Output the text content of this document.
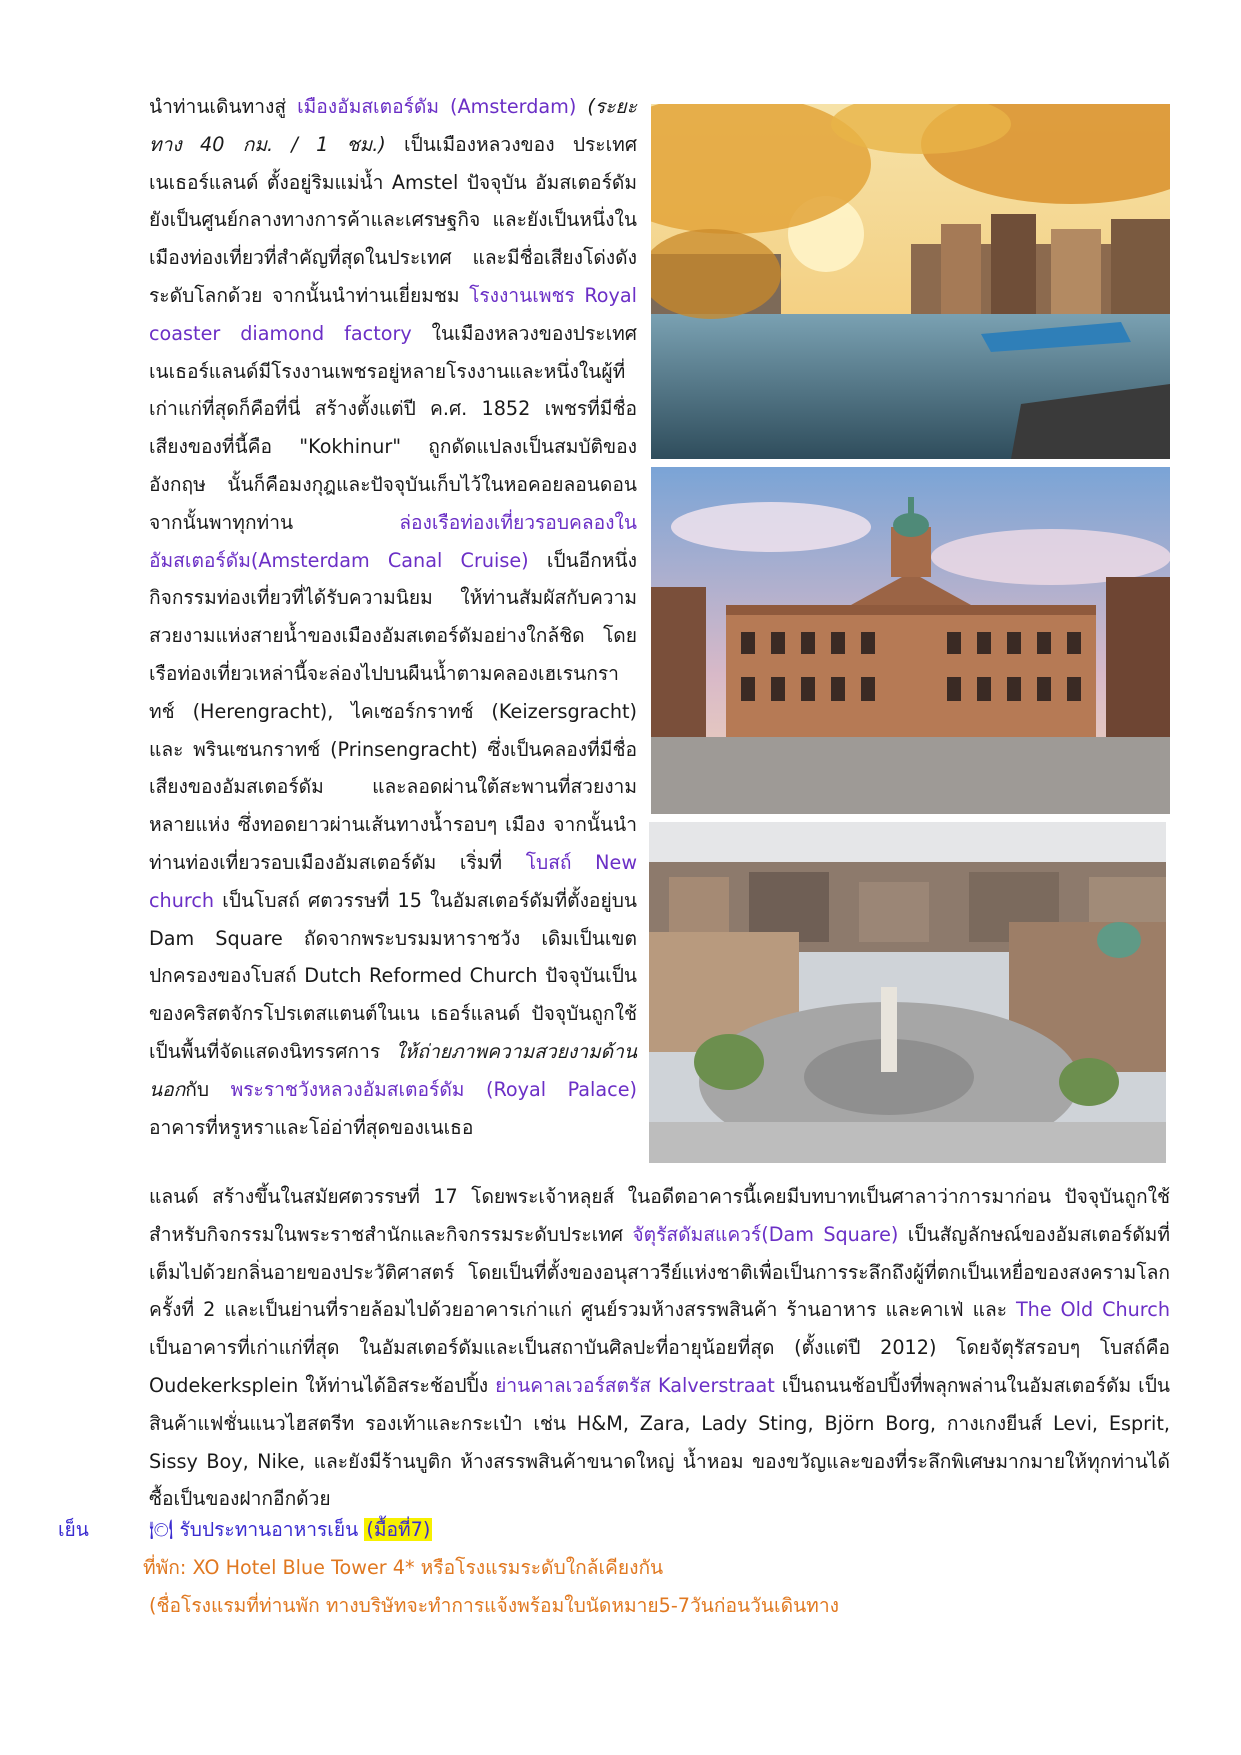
นำท่านเดินทางสู่ เมืองอัมสเตอร์ดัม (Amsterdam) (ระยะทาง 40 กม. / 1 ชม.) เป็นเมืองหลวงของ ประเทศเนเธอร์แลนด์ ตั้งอยู่ริมแม่น้ำ Amstel ปัจจุบัน อัมสเตอร์ดัมยังเป็นศูนย์กลางทางการค้าและเศรษฐกิจ และยังเป็นหนึ่งในเมืองท่องเที่ยวที่สำคัญที่สุดในประเทศ และมีชื่อเสียงโด่งดังระดับโลกด้วย จากนั้นนำท่านเยี่ยมชม โรงงานเพชร Royal coaster diamond factory ในเมืองหลวงของประเทศเนเธอร์แลนด์มีโรงงานเพชรอยู่หลายโรงงานและหนึ่งในผู้ที่เก่าแก่ที่สุดก็คือที่นี่ สร้างตั้งแต่ปี ค.ศ. 1852 เพชรที่มีชื่อเสียงของที่นี้คือ "Kokhinur" ถูกดัดแปลงเป็นสมบัติของอังกฤษ นั้นก็คือมงกุฎและปัจจุบันเก็บไว้ในหอคอยลอนดอน จากนั้นพาทุกท่าน ล่องเรือท่องเที่ยวรอบคลองในอัมสเตอร์ดัม(Amsterdam Canal Cruise) เป็นอีกหนึ่งกิจกรรมท่องเที่ยวที่ได้รับความนิยม ให้ท่านสัมผัสกับความสวยงามแห่งสายน้ำของเมืองอัมสเตอร์ดัมอย่างใกล้ชิด โดยเรือท่องเที่ยวเหล่านี้จะล่องไปบนผืนน้ำตามคลองเฮเรนกราทช์ (Herengracht), ไคเซอร์กราทช์ (Keizersgracht) และ พรินเซนกราทช์ (Prinsengracht) ซึ่งเป็นคลองที่มีชื่อเสียงของอัมสเตอร์ดัม และลอดผ่านใต้สะพานที่สวยงามหลายแห่ง ซึ่งทอดยาวผ่านเส้นทางน้ำรอบๆ เมือง จากนั้นนำท่านท่องเที่ยวรอบเมืองอัมสเตอร์ดัม เริ่มที่ โบสถ์ New church เป็นโบสถ์ ศตวรรษที่ 15 ในอัมสเตอร์ดัมที่ตั้งอยู่บน Dam Square ถัดจากพระบรมมหาราชวัง เดิมเป็นเขตปกครองของโบสถ์ Dutch Reformed Church ปัจจุบันเป็นของคริสตจักรโปรเตสแตนต์ในเน เธอร์แลนด์ ปัจจุบันถูกใช้เป็นพื้นที่จัดแสดงนิทรรศการ ให้ถ่ายภาพความสวยงามด้านนอกกับ พระราชวังหลวงอัมสเตอร์ดัม (Royal Palace) อาคารที่หรูหราและโอ่อ่าที่สุดของเนเธอ
แลนด์ สร้างขึ้นในสมัยศตวรรษที่ 17 โดยพระเจ้าหลุยส์ ในอดีตอาคารนี้เคยมีบทบาทเป็นศาลาว่าการมาก่อน ปัจจุบันถูกใช้สำหรับกิจกรรมในพระราชสำนักและกิจกรรมระดับประเทศ จัตุรัสดัมสแควร์(Dam Square) เป็นสัญลักษณ์ของอัมสเตอร์ดัมที่เต็มไปด้วยกลิ่นอายของประวัติศาสตร์ โดยเป็นที่ตั้งของอนุสาวรีย์แห่งชาติเพื่อเป็นการระลึกถึงผู้ที่ตกเป็นเหยื่อของสงครามโลกครั้งที่ 2 และเป็นย่านที่รายล้อมไปด้วยอาคารเก่าแก่ ศูนย์รวมห้างสรรพสินค้า ร้านอาหาร และคาเฟ่ และ The Old Church เป็นอาคารที่เก่าแก่ที่สุด ในอัมสเตอร์ดัมและเป็นสถาบันศิลปะที่อายุน้อยที่สุด (ตั้งแต่ปี 2012) โดยจัตุรัสรอบๆ โบสถ์คือ Oudekerksplein ให้ท่านได้อิสระช้อปปิ้ง ย่านคาลเวอร์สตรัส Kalverstraat เป็นถนนช้อปปิ้งที่พลุกพล่านในอัมสเตอร์ดัม เป็นสินค้าแฟชั่นแนวไฮสตรีท รองเท้าและกระเป๋า เช่น H&M, Zara, Lady Sting, Björn Borg, กางเกงยีนส์ Levi, Esprit, Sissy Boy, Nike, และยังมีร้านบูติก ห้างสรรพสินค้าขนาดใหญ่ น้ำหอม ของขวัญและของที่ระลึกพิเศษมากมายให้ทุกท่านได้ซื้อเป็นของฝากอีกด้วย
เย็น	🍽 รับประทานอาหารเย็น (มื้อที่7)
ที่พัก: XO Hotel Blue Tower 4* หรือโรงแรมระดับใกล้เคียงกัน
(ชื่อโรงแรมที่ท่านพัก ทางบริษัทจะทำการแจ้งพร้อมใบนัดหมาย5-7วันก่อนวันเดินทาง
